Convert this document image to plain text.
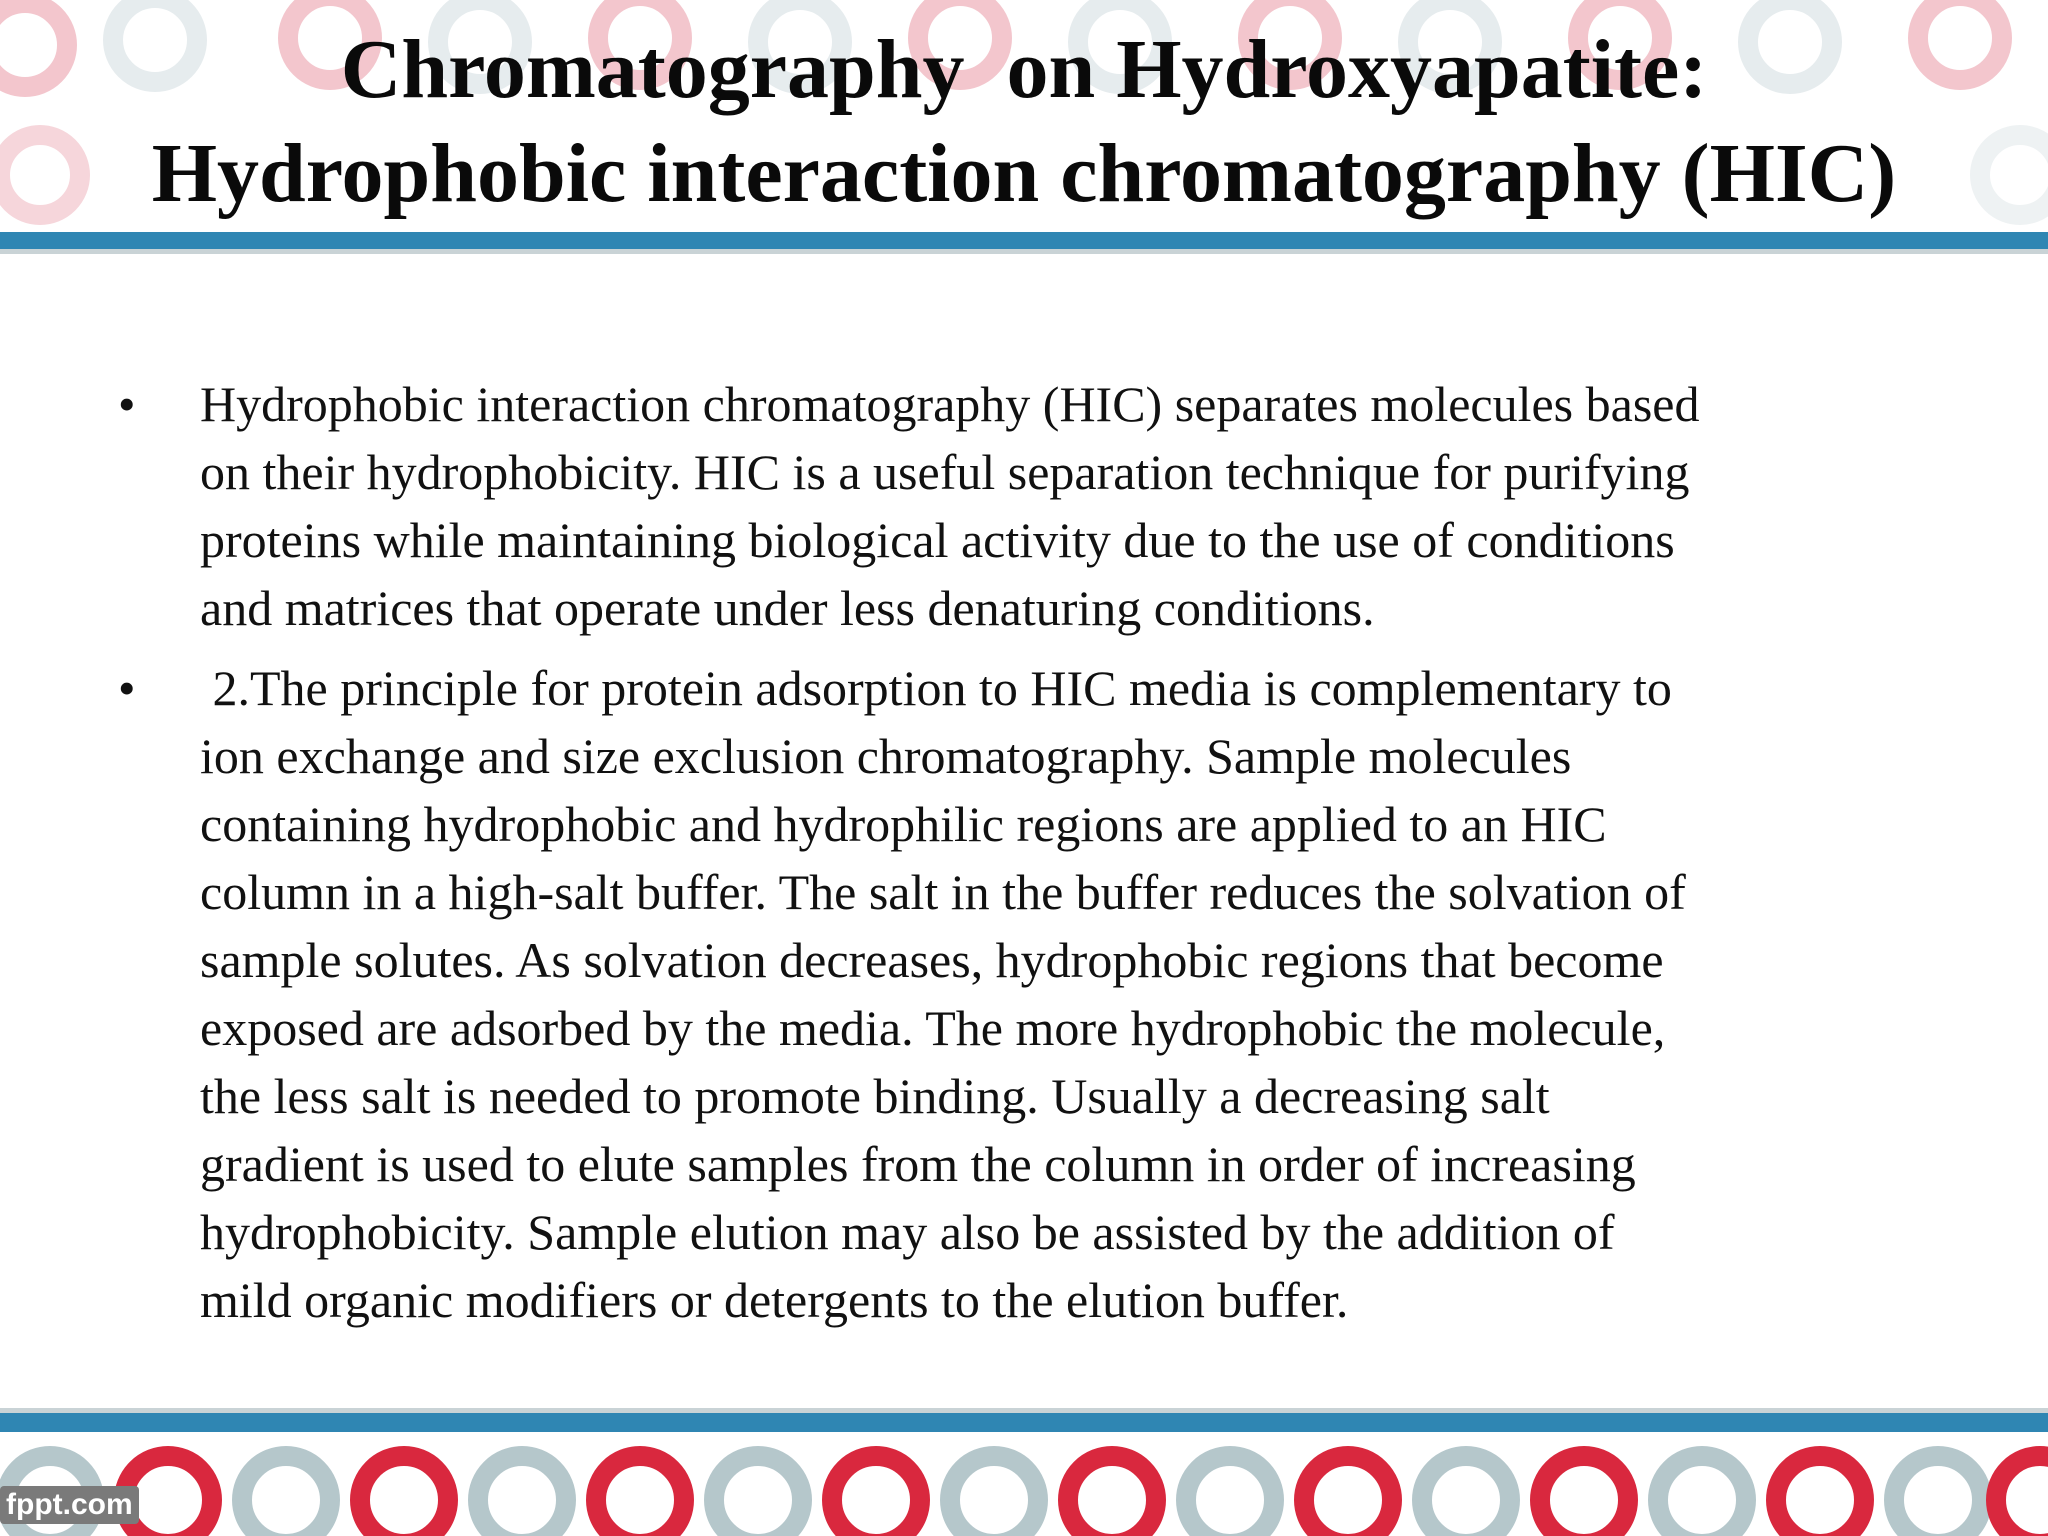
Chromatography  on Hydroxyapatite:
Hydrophobic interaction chromatography (HIC)
• Hydrophobic interaction chromatography (HIC) separates molecules based
on their hydrophobicity. HIC is a useful separation technique for purifying
proteins while maintaining biological activity due to the use of conditions
and matrices that operate under less denaturing conditions.
• 2.The principle for protein adsorption to HIC media is complementary to
ion exchange and size exclusion chromatography. Sample molecules
containing hydrophobic and hydrophilic regions are applied to an HIC
column in a high-salt buffer. The salt in the buffer reduces the solvation of
sample solutes. As solvation decreases, hydrophobic regions that become
exposed are adsorbed by the media. The more hydrophobic the molecule,
the less salt is needed to promote binding. Usually a decreasing salt
gradient is used to elute samples from the column in order of increasing
hydrophobicity. Sample elution may also be assisted by the addition of
mild organic modifiers or detergents to the elution buffer.
fppt.com
